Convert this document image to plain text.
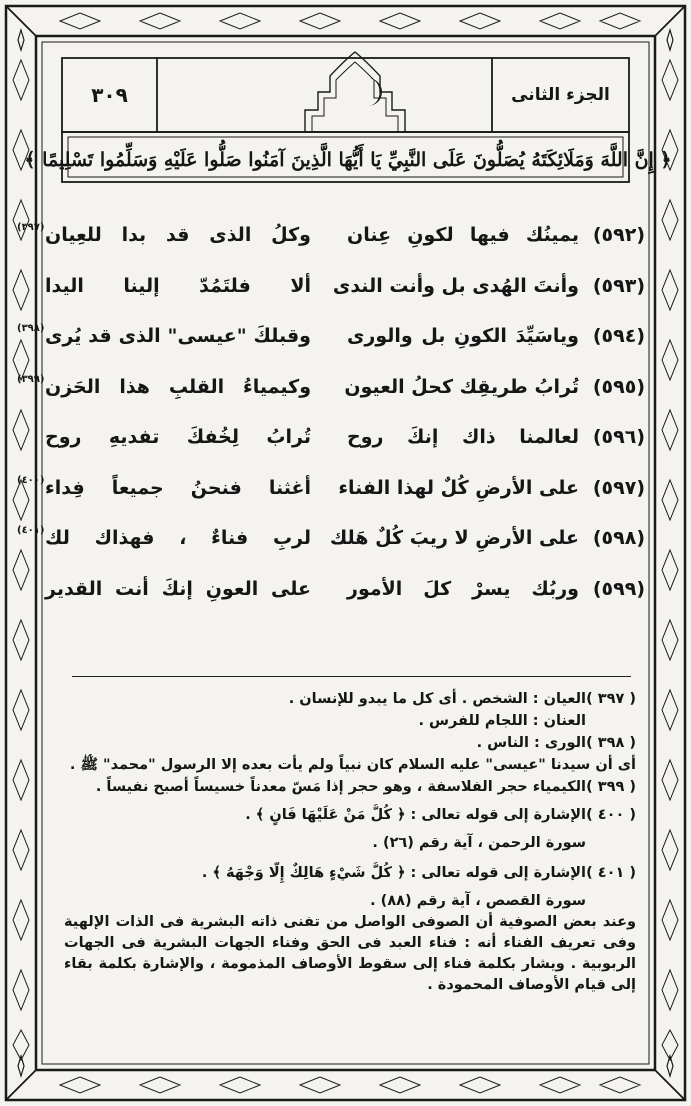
الجزء الثانى
٣٠٩
﴿ إِنَّ اللَّهَ وَمَلَائِكَتَهُ يُصَلُّونَ عَلَى النَّبِيِّ يَا أَيُّهَا الَّذِينَ آمَنُوا صَلُّوا عَلَيْهِ وَسَلِّمُوا تَسْلِيمًا ﴾
(٥٩٢)
يمينُك فيها لكونِ عِنان
وكلُ الذى قد بدا للعِيان
(٣٩٧)
(٥٩٣)
وأنتَ الهُدى بل وأنت الندى
ألا فلتَمُدّ إلينا اليدا
(٥٩٤)
وياسَيِّدَ الكونِ بل والورى
وقبلكَ "عيسى" الذى قد يُرى
(٣٩٨)
(٥٩٥)
تُرابُ طريقِك كحلُ العيون
وكيمياءُ القلبِ هذا الحَزن
(٣٩٩)
(٥٩٦)
لعالمنا ذاك إنكَ روح
تُرابُ لِخُفكَ تفديهِ روح
(٥٩٧)
على الأرضِ كُلٌ لهذا الفناء
أغثنا فنحنُ جميعاً فِداء
(٤٠٠)
(٥٩٨)
على الأرضِ لا ريبَ كُلٌ هَلك
لربِ فناءٌ ، فهذاك لك
(٤٠١)
(٥٩٩)
وربُك يسرْ كلَ الأمور
على العونِ إنكَ أنت القدير
( ٣٩٧ )
العيان : الشخص . أى كل ما يبدو للإنسان .
العنان : اللجام للفرس .
( ٣٩٨ )
الورى : الناس .
أى أن سيدنا "عيسى" عليه السلام كان نبياً ولم يأت بعده إلا الرسول "محمد" ﷺ .
( ٣٩٩ )
الكيمياء حجر الفلاسفة ، وهو حجر إذا مَسّ معدناً خسيساً أصبح نفيساً .
( ٤٠٠ )
الإشارة إلى قوله تعالى : ﴿ كُلُّ مَنْ عَلَيْهَا فَانٍ ﴾ .
سورة الرحمن ، آية رقم (٢٦) .
( ٤٠١ )
الإشارة إلى قوله تعالى : ﴿ كُلُّ شَيْءٍ هَالِكٌ إِلَّا وَجْهَهُ ﴾ .
سورة القصص ، آية رقم (٨٨) .
وعند بعض الصوفية أن الصوفى الواصل من تفنى ذاته البشرية فى الذات الإلهية وفى تعريف الفناء أنه : فناء العبد فى الحق وفناء الجهات البشرية فى الجهات الربوبية . ويشار بكلمة فناء إلى سقوط الأوصاف المذمومة ، والإشارة بكلمة بقاء إلى قيام الأوصاف المحمودة .
